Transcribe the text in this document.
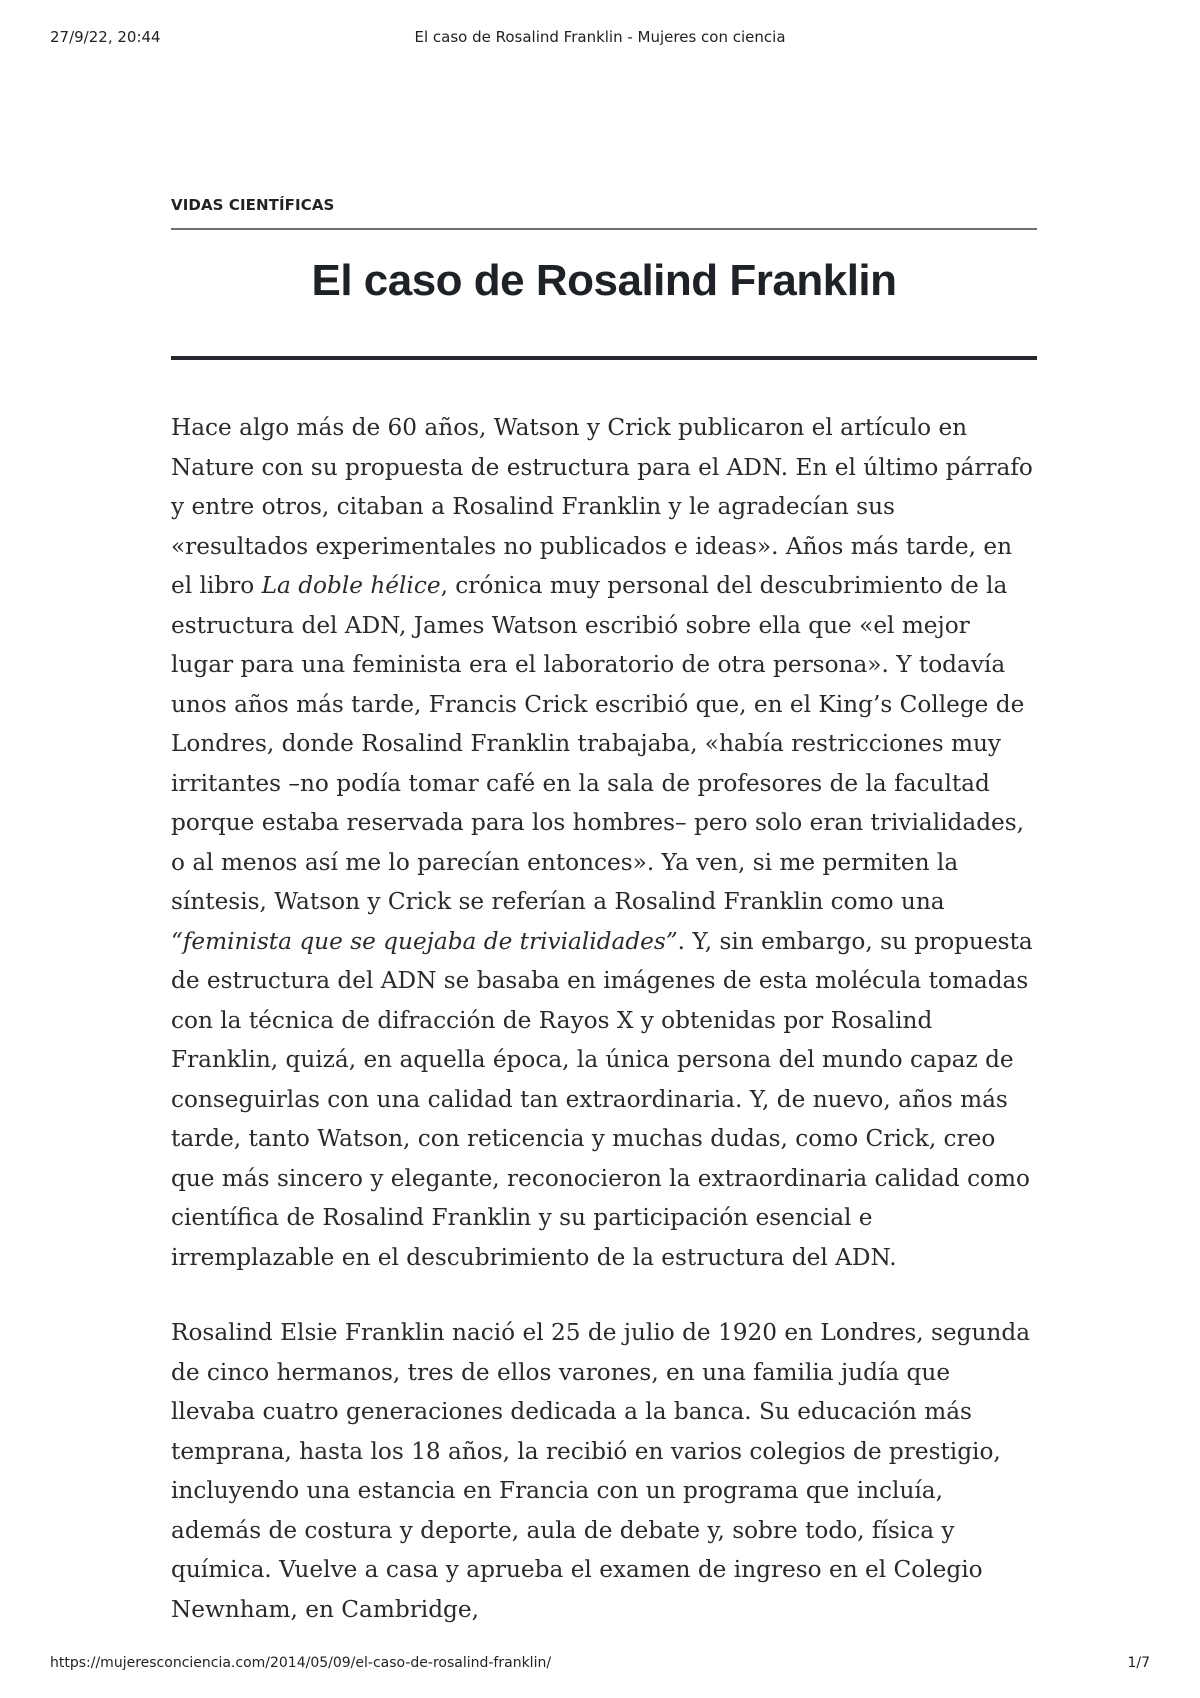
27/9/22, 20:44	El caso de Rosalind Franklin - Mujeres con ciencia
VIDAS CIENTÍFICAS
El caso de Rosalind Franklin

Hace algo más de 60 años, Watson y Crick publicaron el artículo en Nature con su propuesta de estructura para el ADN. En el último párrafo y entre otros, citaban a Rosalind Franklin y le agradecían sus «resultados experimentales no publicados e ideas». Años más tarde, en el libro La doble hélice, crónica muy personal del descubrimiento de la estructura del ADN, James Watson escribió sobre ella que «el mejor lugar para una feminista era el laboratorio de otra persona». Y todavía unos años más tarde, Francis Crick escribió que, en el King’s College de Londres, donde Rosalind Franklin trabajaba, «había restricciones muy irritantes –no podía tomar café en la sala de profesores de la facultad porque estaba reservada para los hombres– pero solo eran trivialidades, o al menos así me lo parecían entonces». Ya ven, si me permiten la síntesis, Watson y Crick se referían a Rosalind Franklin como una “feminista que se quejaba de trivialidades”. Y, sin embargo, su propuesta de estructura del ADN se basaba en imágenes de esta molécula tomadas con la técnica de difracción de Rayos X y obtenidas por Rosalind Franklin, quizá, en aquella época, la única persona del mundo capaz de conseguirlas con una calidad tan extraordinaria. Y, de nuevo, años más tarde, tanto Watson, con reticencia y muchas dudas, como Crick, creo que más sincero y elegante, reconocieron la extraordinaria calidad como científica de Rosalind Franklin y su participación esencial e irremplazable en el descubrimiento de la estructura del ADN.

Rosalind Elsie Franklin nació el 25 de julio de 1920 en Londres, segunda de cinco hermanos, tres de ellos varones, en una familia judía que llevaba cuatro generaciones dedicada a la banca. Su educación más temprana, hasta los 18 años, la recibió en varios colegios de prestigio, incluyendo una estancia en Francia con un programa que incluía, además de costura y deporte, aula de debate y, sobre todo, física y química. Vuelve a casa y aprueba el examen de ingreso en el Colegio Newnham, en Cambridge,

https://mujeresconciencia.com/2014/05/09/el-caso-de-rosalind-franklin/	1/7
